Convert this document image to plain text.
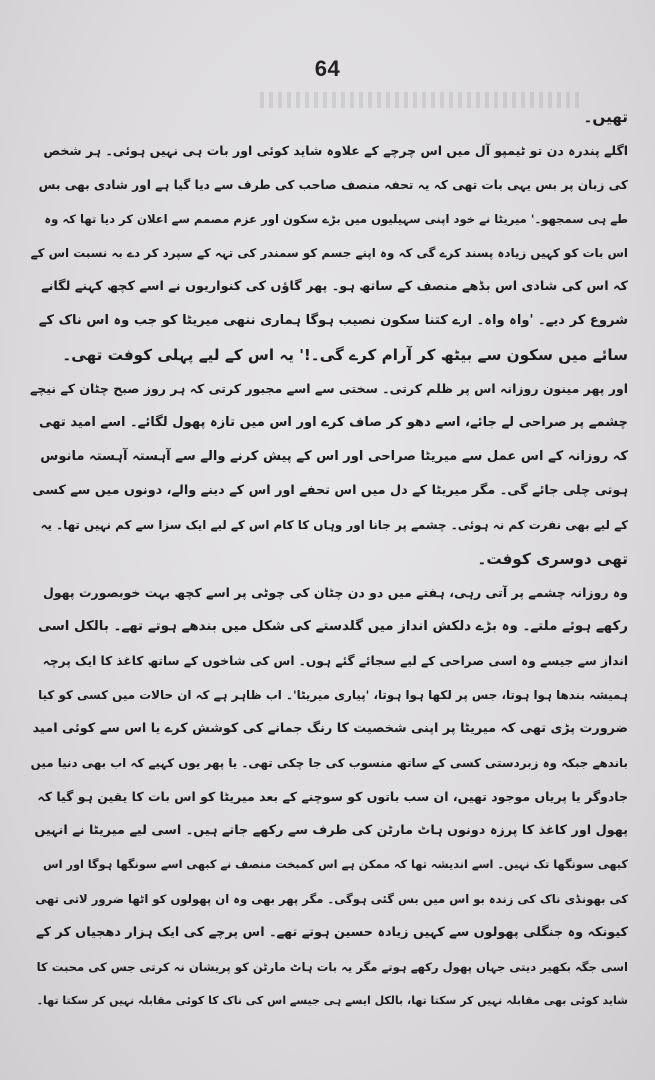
64
تھیں۔
اگلے پندرہ دن تو ٹیمپو آل میں اس چرچے کے علاوہ شاید کوئی اور بات ہی نہیں ہوئی۔ ہر شخص
کی زبان پر بس یہی بات تھی کہ یہ تحفہ منصف صاحب کی طرف سے دیا گیا ہے اور شادی بھی بس
طے ہی سمجھو۔' میریٹا نے خود اپنی سہیلیوں میں بڑے سکون اور عزم مصمم سے اعلان کر دیا تھا کہ وہ
اس بات کو کہیں زیادہ پسند کرے گی کہ وہ اپنے جسم کو سمندر کی تہہ کے سپرد کر دے بہ نسبت اس کے
کہ اس کی شادی اس بڈھے منصف کے ساتھ ہو۔ پھر گاؤں کی کنواریوں نے اسے کچھ کہنے لگانے
شروع کر دیے۔ 'واہ واہ۔ ارے کتنا سکون نصیب ہوگا ہماری ننھی میریٹا کو جب وہ اس ناک کے
سائے میں سکون سے بیٹھ کر آرام کرے گی۔!' یہ اس کے لیے پہلی کوفت تھی۔
اور پھر مینون روزانہ اس پر ظلم کرتی۔ سختی سے اسے مجبور کرتی کہ ہر روز صبح چٹان کے نیچے
چشمے پر صراحی لے جائے، اسے دھو کر صاف کرے اور اس میں تازہ پھول لگائے۔ اسے امید تھی
کہ روزانہ کے اس عمل سے میریٹا صراحی اور اس کے پیش کرنے والے سے آہستہ آہستہ مانوس
ہوتی چلی جائے گی۔ مگر میریٹا کے دل میں اس تحفے اور اس کے دینے والے، دونوں میں سے کسی
کے لیے بھی نفرت کم نہ ہوئی۔ چشمے پر جانا اور وہاں کا کام اس کے لیے ایک سزا سے کم نہیں تھا۔ یہ
تھی دوسری کوفت۔
وہ روزانہ چشمے پر آتی رہی، ہفتے میں دو دن چٹان کی چوٹی پر اسے کچھ بہت خوبصورت پھول
رکھے ہوئے ملتے۔ وہ بڑے دلکش انداز میں گلدستے کی شکل میں بندھے ہوتے تھے۔ بالکل اسی
انداز سے جیسے وہ اسی صراحی کے لیے سجائے گئے ہوں۔ اس کی شاخوں کے ساتھ کاغذ کا ایک پرچہ
ہمیشہ بندھا ہوا ہوتا، جس پر لکھا ہوا ہوتا، 'پیاری میریٹا'۔ اب ظاہر ہے کہ ان حالات میں کسی کو کیا
ضرورت پڑی تھی کہ میریٹا پر اپنی شخصیت کا رنگ جمانے کی کوشش کرے یا اس سے کوئی امید
باندھے جبکہ وہ زبردستی کسی کے ساتھ منسوب کی جا چکی تھی۔ یا پھر یوں کہیے کہ اب بھی دنیا میں
جادوگر یا پریاں موجود تھیں، ان سب باتوں کو سوچنے کے بعد میریٹا کو اس بات کا یقین ہو گیا کہ
پھول اور کاغذ کا پرزہ دونوں ہاٹ مارٹن کی طرف سے رکھے جاتے ہیں۔ اسی لیے میریٹا نے انہیں
کبھی سونگھا تک نہیں۔ اسے اندیشہ تھا کہ ممکن ہے اس کمبخت منصف نے کبھی اسے سونگھا ہوگا اور اس
کی بھونڈی ناک کی زندہ بو اس میں بس گئی ہوگی۔ مگر پھر بھی وہ ان پھولوں کو اٹھا ضرور لاتی تھی
کیونکہ وہ جنگلی پھولوں سے کہیں زیادہ حسین ہوتے تھے۔ اس پرچے کی ایک ہزار دھجیاں کر کے
اسی جگہ بکھیر دیتی جہاں پھول رکھے ہوتے مگر یہ بات ہاٹ مارٹن کو پریشان نہ کرتی جس کی محبت کا
شاید کوئی بھی مقابلہ نہیں کر سکتا تھا، بالکل ایسے ہی جیسے اس کی ناک کا کوئی مقابلہ نہیں کر سکتا تھا۔
